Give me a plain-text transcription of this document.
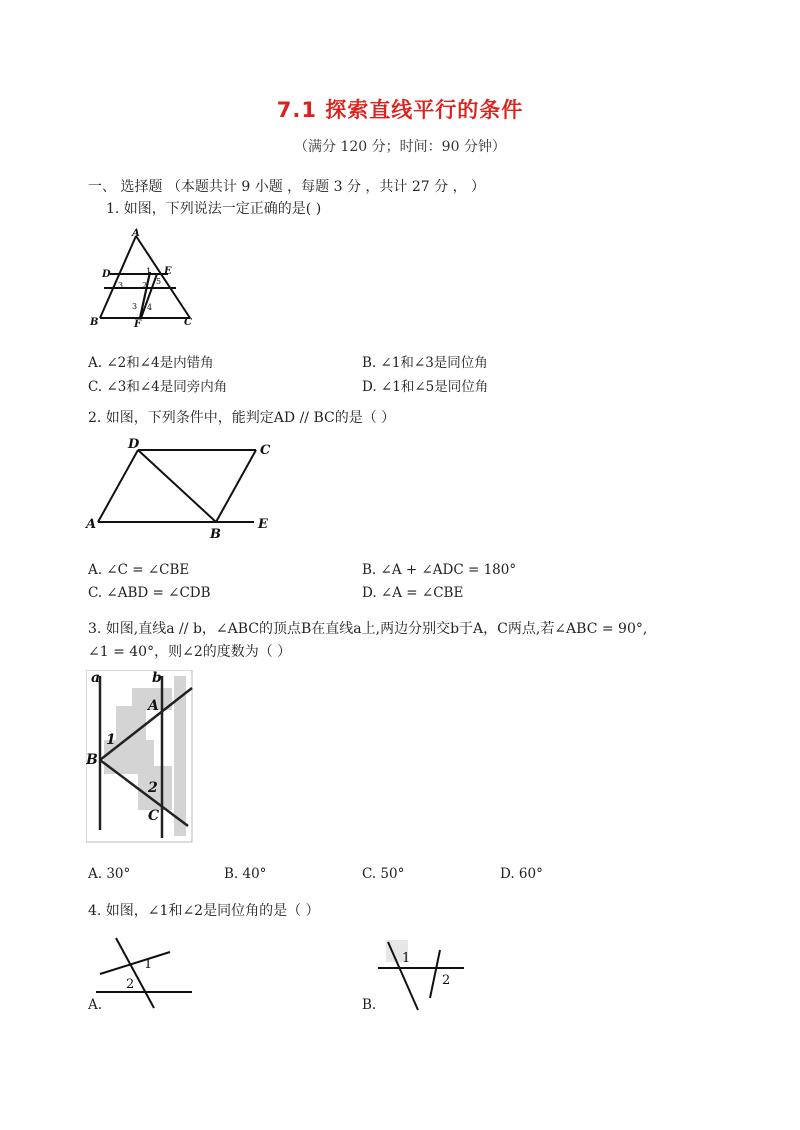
7.1 探索直线平行的条件
（满分 120 分；时间：90 分钟）
一、 选择题 （本题共计 9 小题 ，每题 3 分 ，共计 27 分 ， ）
1. 如图，下列说法一定正确的是( )
A
D	E
B	F	C
1
2
3
3 4
5
A. ∠2和∠4是内错角	B. ∠1和∠3是同位角
C. ∠3和∠4是同旁内角	D. ∠1和∠5是同位角
2. 如图，下列条件中，能判定AD // BC的是（ ）
D	C
A
B
E
A. ∠C = ∠CBE	B. ∠A + ∠ADC = 180°
C. ∠ABD = ∠CDB	D. ∠A = ∠CBE
3. 如图,直线a // b，∠ABC的顶点B在直线a上,两边分别交b于A，C两点,若∠ABC = 90°,
∠1 = 40°，则∠2的度数为（ ）
a	b
A
1
B
2
C
A. 30°	B. 40°	C. 50°	D. 60°
4. 如图，∠1和∠2是同位角的是（ ）
1
2
A.
1
2
B.
